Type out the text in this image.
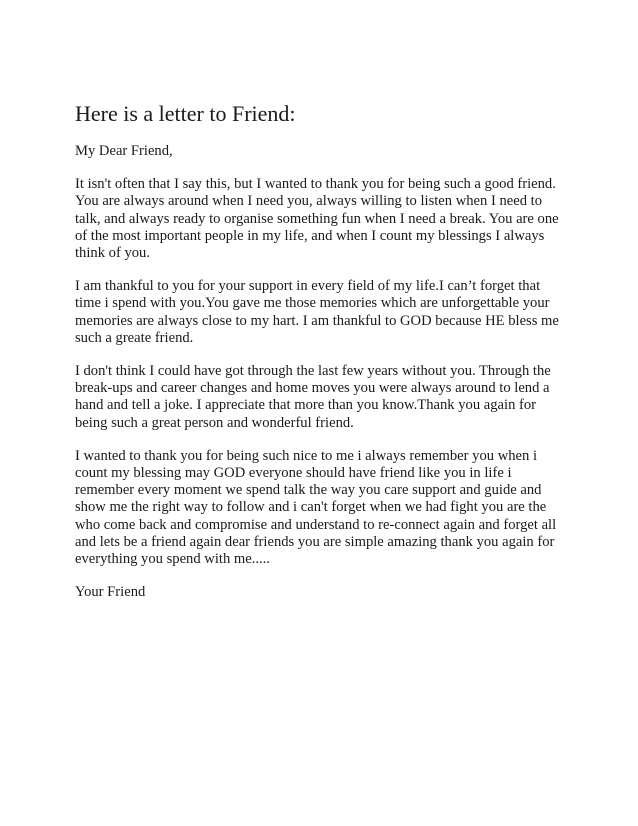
Here is a letter to Friend:

My Dear Friend,

It isn't often that I say this, but I wanted to thank you for being such a good friend.
You are always around when I need you, always willing to listen when I need to
talk, and always ready to organise something fun when I need a break. You are one
of the most important people in my life, and when I count my blessings I always
think of you.

I am thankful to you for your support in every field of my life.I can’t forget that
time i spend with you.You gave me those memories which are unforgettable your
memories are always close to my hart. I am thankful to GOD because HE bless me
such a greate friend.

I don't think I could have got through the last few years without you. Through the
break-ups and career changes and home moves you were always around to lend a
hand and tell a joke. I appreciate that more than you know.Thank you again for
being such a great person and wonderful friend.

I wanted to thank you for being such nice to me i always remember you when i
count my blessing may GOD everyone should have friend like you in life i
remember every moment we spend talk the way you care support and guide and
show me the right way to follow and i can't forget when we had fight you are the
who come back and compromise and understand to re-connect again and forget all
and lets be a friend again dear friends you are simple amazing thank you again for
everything you spend with me.....

Your Friend
